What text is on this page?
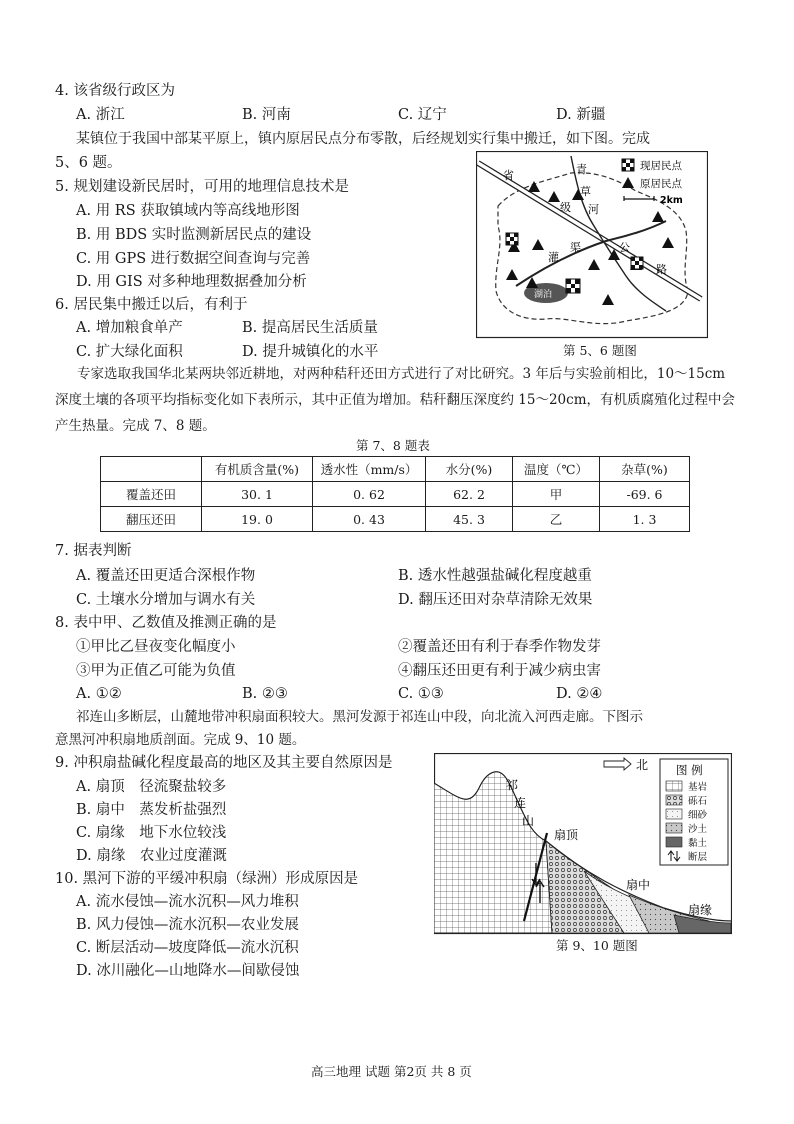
4. 该省级行政区为
A. 浙江	B. 河南	C. 辽宁	D. 新疆
某镇位于我国中部某平原上，镇内原居民点分布零散，后经规划实行集中搬迁，如下图。完成
5、6 题。
5. 规划建设新民居时，可用的地理信息技术是
A. 用 RS 获取镇域内等高线地形图
B. 用 BDS 实时监测新居民点的建设
C. 用 GPS 进行数据空间查询与完善
D. 用 GIS 对多种地理数据叠加分析
6. 居民集中搬迁以后，有利于
A. 增加粮食单产	B. 提高居民生活质量
C. 扩大绿化面积	D. 提升城镇化的水平
湖泊
省
级
公
路
青
草
河
灌
渠
现居民点
原居民点
2km
第 5、6 题图
专家选取我国华北某两块邻近耕地，对两种秸秆还田方式进行了对比研究。3 年后与实验前相比，10～15cm 深度土壤的各项平均指标变化如下表所示，其中正值为增加。秸秆翻压深度约 15～20cm，有机质腐殖化过程中会产生热量。完成 7、8 题。
第 7、8 题表
	有机质含量(%)	透水性（mm/s）	水分(%)	温度（℃）	杂草(%)
覆盖还田	30. 1	0. 62	62. 2	甲	-69. 6
翻压还田	19. 0	0. 43	45. 3	乙	1. 3
7. 据表判断
A. 覆盖还田更适合深根作物	B. 透水性越强盐碱化程度越重
C. 土壤水分增加与调水有关	D. 翻压还田对杂草清除无效果
8. 表中甲、乙数值及推测正确的是
①甲比乙昼夜变化幅度小	②覆盖还田有利于春季作物发芽
③甲为正值乙可能为负值	④翻压还田更有利于减少病虫害
A. ①②	B. ②③	C. ①③	D. ②④
祁连山多断层，山麓地带冲积扇面积较大。黑河发源于祁连山中段，向北流入河西走廊。下图示
意黑河冲积扇地质剖面。完成 9、10 题。
9. 冲积扇盐碱化程度最高的地区及其主要自然原因是
A. 扇顶　径流聚盐较多
B. 扇中　蒸发析盐强烈
C. 扇缘　地下水位较浅
D. 扇缘　农业过度灌溉
10. 黑河下游的平缓冲积扇（绿洲）形成原因是
A. 流水侵蚀—流水沉积—风力堆积
B. 风力侵蚀—流水沉积—农业发展
C. 断层活动—坡度降低—流水沉积
D. 冰川融化—山地降水—间歇侵蚀
祁
连
山
扇顶
扇中
扇缘
北 图 例
基岩
砾石
细砂
沙土
黏土
断层
第 9、10 题图
高三地理 试题 第2页 共 8 页
